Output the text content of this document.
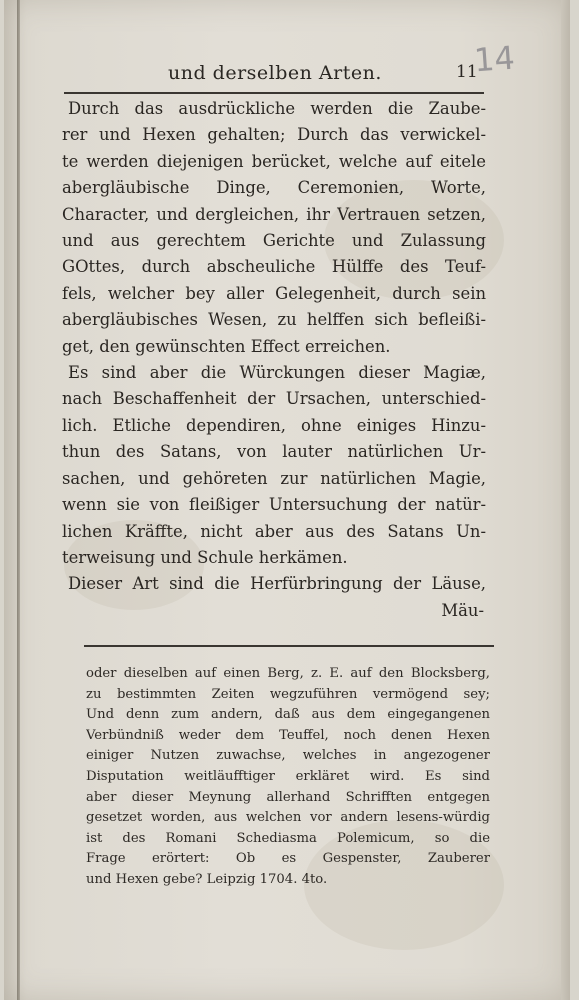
und derselben Arten.	11
14
Durch das ausdrückliche werden die Zaube-
rer und Hexen gehalten; Durch das verwickel-
te werden diejenigen berücket, welche auf eitele
abergläubische Dinge, Ceremonien, Worte,
Character, und dergleichen, ihr Vertrauen setzen,
und aus gerechtem Gerichte und Zulassung
GOttes, durch abscheuliche Hülffe des Teuf-
fels, welcher bey aller Gelegenheit, durch sein
abergläubisches Wesen, zu helffen sich befleißi-
get, den gewünschten Effect erreichen.
Es sind aber die Würckungen dieser Magiæ,
nach Beschaffenheit der Ursachen, unterschied-
lich. Etliche dependiren, ohne einiges Hinzu-
thun des Satans, von lauter natürlichen Ur-
sachen, und gehöreten zur natürlichen Magie,
wenn sie von fleißiger Untersuchung der natür-
lichen Kräffte, nicht aber aus des Satans Un-
terweisung und Schule herkämen.
Dieser Art sind die Herfürbringung der Läuse,
Mäu-
oder dieselben auf einen Berg, z. E. auf den Blocksberg,
zu bestimmten Zeiten wegzuführen vermögend sey;
Und denn zum andern, daß aus dem eingegangenen
Verbündniß weder dem Teuffel, noch denen Hexen
einiger Nutzen zuwachse, welches in angezogener
Disputation weitläufftiger erkläret wird. Es sind
aber dieser Meynung allerhand Schrifften entgegen
gesetzet worden, aus welchen vor andern lesens-würdig
ist des Romani Schediasma Polemicum, so die
Frage erörtert: Ob es Gespenster, Zauberer
und Hexen gebe? Leipzig 1704. 4to.
